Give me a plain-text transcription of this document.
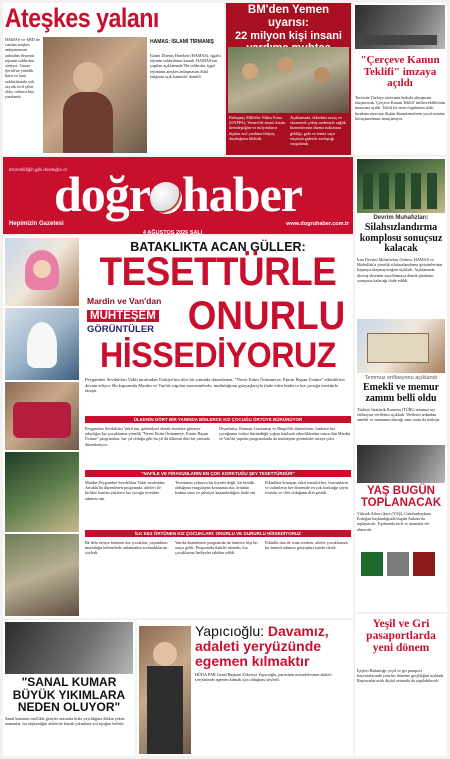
Ateşkes yalanı
HAMAS ve ABD ile varılan ateşkes anlaşmasının ardından Siyonist rejimin saldırıları sürüyor. Gazze Şeridi'ne yönelik hava ve kara saldırılarında çok sayıda sivil şehit oldu, onlarca kişi yaralandı.
HAMAS: İSLAMİ TİRMANIŞ
İslami Direniş Hareketi (HAMAS), işgalci rejimin saldırılarını kınadı. HAMAS'tan yapılan açıklamada 'Bu saldırılar, işgal rejiminin ateşkes anlaşmasını ihlal ettiğinin açık kanıtıdır' denildi.
BM'den Yemen uyarısı:
22 milyon kişi insani
Birleşmiş Milletler Nüfus Fonu (UNFPA), Yemen'de insani krizin derinleştiğini ve milyonlarca kişinin acil yardıma ihtiyaç duyduğunu bildirdi.
Açıklamada, ülkedeki savaş ve ekonomik çöküş nedeniyle sağlık hizmetlerinin durma noktasına geldiği, gıda ve temiz suya erişimin giderek zorlaştığı vurgulandı.
"Çerçeve Kanun Teklifi" imzaya açıldı
Terörsüz Türkiye sürecinin hukuki altyapısını oluşturacak 'Çerçeve Kanun Teklifi' milletvekillerinin imzasına açıldı. Teklif ile terör örgütünün silah bırakma sürecine ilişkin düzenlemelerin yasal zemine kavuşturulması amaçlanıyor.
Emredildiğin gibi dosdoğru ol
doğr haber
Hepimizin Gazetesi
4 AĞUSTOS 2026 SALI
www.dogruhaber.com.tr
Devrim Muhafızları:
Silahsızlandırma komplosu sonuçsuz kalacak
İran Devrim Muhafızları Ordusu, HAMAS ve Hizbullah'a yönelik silahsızlandırma girişimlerinin başarıya ulaşmayacağını açıkladı. Açıklamada direniş eksenini zayıflatmaya dönük planların sonuçsuz kalacağı ifade edildi.
Temmuz enflasyonu açıklandı
Emekli ve memur zammı belli oldu
Türkiye İstatistik Kurumu (TÜİK) temmuz ayı enflasyon verilerini açıkladı. Verilerin ardından emekli ve memurun alacağı zam oranı da netleşti.
YAŞ BUGÜN
TOPLANACAK
Yüksek Askeri Şura (YAŞ), Cumhurbaşkanı Erdoğan başkanlığında bugün Ankara'da toplanacak. Toplantıda terfi ve atamalar ele alınacak.
BATAKLIKTA ACAN GÜLLER:
TESETTÜRLE
Mardin ve Van'dan
MUHTEŞEM
GÖRÜNTÜLER ONURLU
HİSSEDİYORUZ
Peygamber Sevdalıları Vakfı tarafından Türkiye'nin dört bir yanında düzenlenen, "Nevet Ettim Örtünmeye, Emrin Başım Üstüne" etkinlikleri devam ediyor. Bu kapsamda Mardin ve Van'da yapılan merasimlerde, mutluluğunu gözyaşlarıyla ifade eden binlerce kız çocuğu tesettürle tanıştı.
ÜLKENİN DÖRT BİR YANINDA BİNLERCE KIZ ÇOCUĞU ÖRTÜYE BÜRÜNÜYOR
Peygamber Sevdalıları Vakfı'nın, geleneksel olarak tesettüre girmeye adaylığın kız çocuklarına yönelik "Nevet Ettim Örtünmeye, Emrin Başım Üstüne" programları, her yıl olduğu gibi bu yıl da ülkenin dört bir yanında düzenleniyor.
Diyarbakır, Batman, Gaziantep ve Bingöl'de düzenlenen, binlerce kız çocuğunun örtüye büründüğü yoğun katılımlı etkinliklerden sonra dün Mardin ve Van'da yapılan programlarda da muhteşem görüntüler ortaya çıktı.
"NAFİLE VE FİRAVUNLARIN EN ÇOK KORKTUĞU ŞEY TESETTÜRDÜR"
Mardin Peygamber Sevdalıları Vakfı tarafından Artuklu'da düzenlenen programda, aileleri ile birlikte katılan yüzlerce kız çocuğu tesettüre adımını attı.
Tesettürün yalnızca bir kıyafet değil, bir kimlik olduğunu vurgulayan konuşmacılar, örtünün kadına onur ve şahsiyet kazandırdığını ifade etti.
Etkinlikte konuşan vakıf temsilcileri, firavunların ve zalimlerin her dönemde en çok korktuğu şeyin tesettür ve iffet olduğunu dile getirdi.
İLK KEZ ÖRTÜNEN KIZ ÇOCUKLARI: ONURLU VE GURURLU HİSSEDİYORUZ
İlk defa örtüye bürünen kız çocukları, yaşadıkları mutluluğu kelimelerle anlatmakta zorlandıklarını söyledi.
Van'da düzenlenen programda da binlerce kişi bir araya geldi. Programda ilahiler okundu, kız çocuklarına hediyeler takdim edildi.
Etkinlik dua ile sona ererken, aileler çocuklarının bu önemli adımını gözyaşları içinde izledi.
"SANAL KUMAR BÜYÜK YIKIMLARA NEDEN OLUYOR"
Sanal kumarın özellikle gençler arasında hızla yayıldığına dikkat çeken uzmanlar, bu alışkanlığın ailelerde büyük yıkımlara yol açtığını belirtti.
Yapıcıoğlu: Davamız, adaleti yeryüzünde egemen kılmaktır
HÜDA PAR Genel Başkanı Zekeriya Yapıcıoğlu, partisinin mücadelesinin adaleti yeryüzünde egemen kılmak için olduğunu söyledi.
Yeşil ve Gri pasaportlarda yeni dönem
İçişleri Bakanlığı, yeşil ve gri pasaport başvurularında yeni bir döneme geçildiğini açıkladı. Başvurular artık dijital ortamda da yapılabilecek.
